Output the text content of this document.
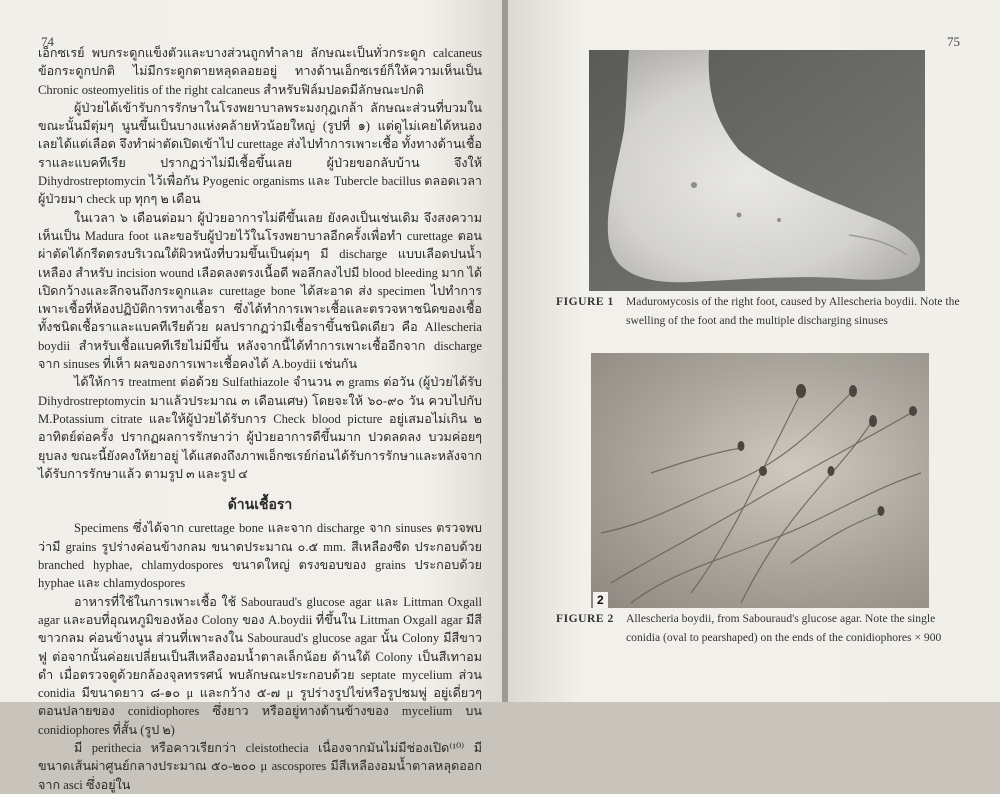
74

เอ็กซเรย์ พบกระดูกแข็งตัวและบางส่วนถูกทำลาย ลักษณะเป็นทั่วกระดูก calcaneus ข้อกระดูกปกติ ไม่มีกระดูกตายหลุดลอยอยู่ ทางด้านเอ็กซเรย์ก็ให้ความเห็นเป็น Chronic osteomyelitis of the right calcaneus สำหรับฟิล์มปอดมีลักษณะปกติ

ผู้ป่วยได้เข้ารับการรักษาในโรงพยาบาลพระมงกุฎเกล้า ลักษณะส่วนที่บวมในขณะนั้นมีตุ่มๆ นูนขึ้นเป็นบางแห่งคล้ายหัวน้อยใหญ่ (รูปที่ ๑) แต่ดูไม่เคยได้หนองเลยได้แต่เลือด จึงทำผ่าตัดเปิดเข้าไป curettage ส่งไปทำการเพาะเชื้อ ทั้งทางด้านเชื้อราและแบคทีเรีย ปรากฏว่าไม่มีเชื้อขึ้นเลย ผู้ป่วยขอกลับบ้าน จึงให้ Dihydrostreptomycin ไว้เพื่อกัน Pyogenic organisms และ Tubercle bacillus ตลอดเวลาผู้ป่วยมา check up ทุกๆ ๒ เดือน

ในเวลา ๖ เดือนต่อมา ผู้ป่วยอาการไม่ดีขึ้นเลย ยังคงเป็นเช่นเดิม จึงสงความเห็นเป็น Madura foot และขอรับผู้ป่วยไว้ในโรงพยาบาลอีกครั้งเพื่อทำ curettage ตอนผ่าตัดได้กรีดตรงบริเวณใต้ผิวหนังที่บวมขึ้นเป็นตุ่มๆ มี discharge แบบเลือดปนน้ำเหลือง สำหรับ incision wound เลือดลงตรงเนื้อดี พอลึกลงไปมี blood bleeding มาก ได้เปิดกว้างและลึกจนถึงกระดูกและ curettage bone ได้สะอาด ส่ง specimen ไปทำการเพาะเชื้อที่ห้องปฏิบัติการทางเชื้อรา ซึ่งได้ทำการเพาะเชื้อและตรวจหาชนิดของเชื้อ ทั้งชนิดเชื้อราและแบคทีเรียด้วย ผลปรากฏว่ามีเชื้อราขึ้นชนิดเดียว คือ Allescheria boydii สำหรับเชื้อแบคทีเรียไม่มีขึ้น หลังจากนี้ได้ทำการเพาะเชื้ออีกจาก discharge จาก sinuses ที่เห็า ผลของการเพาะเชื้อคงได้ A.boydii เช่นกัน

ได้ให้การ treatment ต่อด้วย Sulfathiazole จำนวน ๓ grams ต่อวัน (ผู้ป่วยได้รับ Dihydrostreptomycin มาแล้วประมาณ ๓ เดือนเศษ) โดยจะให้ ๖๐-๙๐ วัน ควบไปกับ M.Potassium citrate และให้ผู้ป่วยได้รับการ Check blood picture อยู่เสมอไม่เกิน ๒ อาทิตย์ต่อครั้ง ปรากฏผลการรักษาว่า ผู้ป่วยอาการดีขึ้นมาก ปวดลดลง บวมค่อยๆ ยุบลง ขณะนี้ยังคงให้ยาอยู่ ได้แสดงถึงภาพเอ็กซเรย์ก่อนได้รับการรักษาและหลังจากได้รับการรักษาแล้ว ตามรูป ๓ และรูป ๔

ด้านเชื้อรา

Specimens ซึ่งได้จาก curettage bone และจาก discharge จาก sinuses ตรวจพบว่ามี grains รูปร่างค่อนข้างกลม ขนาดประมาณ ๐.๕ mm. สีเหลืองซีด ประกอบด้วย branched hyphae, chlamydospores ขนาดใหญ่ ตรงขอบของ grains ประกอบด้วย hyphae และ chlamydospores

อาหารที่ใช้ในการเพาะเชื้อ ใช้ Sabouraud's glucose agar และ Littman Oxgall agar และอบที่อุณหภูมิของห้อง Colony ของ A.boydii ที่ขึ้นใน Littman Oxgall agar มีสีขาวกลม ค่อนข้างนูน ส่วนที่เพาะลงใน Sabouraud's glucose agar นั้น Colony มีสีขาวฟู ต่อจากนั้นค่อยเปลี่ยนเป็นสีเหลืองอมน้ำตาลเล็กน้อย ด้านใต้ Colony เป็นสีเทาอมดำ เมื่อตรวจดูด้วยกล้องจุลทรรศน์ พบลักษณะประกอบด้วย septate mycelium ส่วน conidia มีขนาดยาว ๘-๑๐ μ และกว้าง ๕-๗ μ รูปร่างรูปไข่หรือรูปชมพู่ อยู่เดี่ยวๆ ตอนปลายของ conidiophores ซึ่งยาว หรืออยู่ทางด้านข้างของ mycelium บน conidiophores ที่สั้น (รูป ๒)

มี perithecia หรือคาวเรียกว่า cleistothecia เนื่องจากมันไม่มีช่องเปิด⁽¹⁰⁾ มีขนาดเส้นผ่าศูนย์กลางประมาณ ๕๐-๒๐๐ μ ascospores มีสีเหลืองอมน้ำตาลหลุดออกจาก asci ซึ่งอยู่ใน

75
FIGURE 1 Madurомycosis of the right foot, caused by Allescheria boydii. Note the
swelling of the foot and the multiple discharging sinuses
2
FIGURE 2 Allescheria boydii, from Sabouraud's glucose agar. Note the single
conidia (oval to pearshaped) on the ends of the conidiophores × 900
